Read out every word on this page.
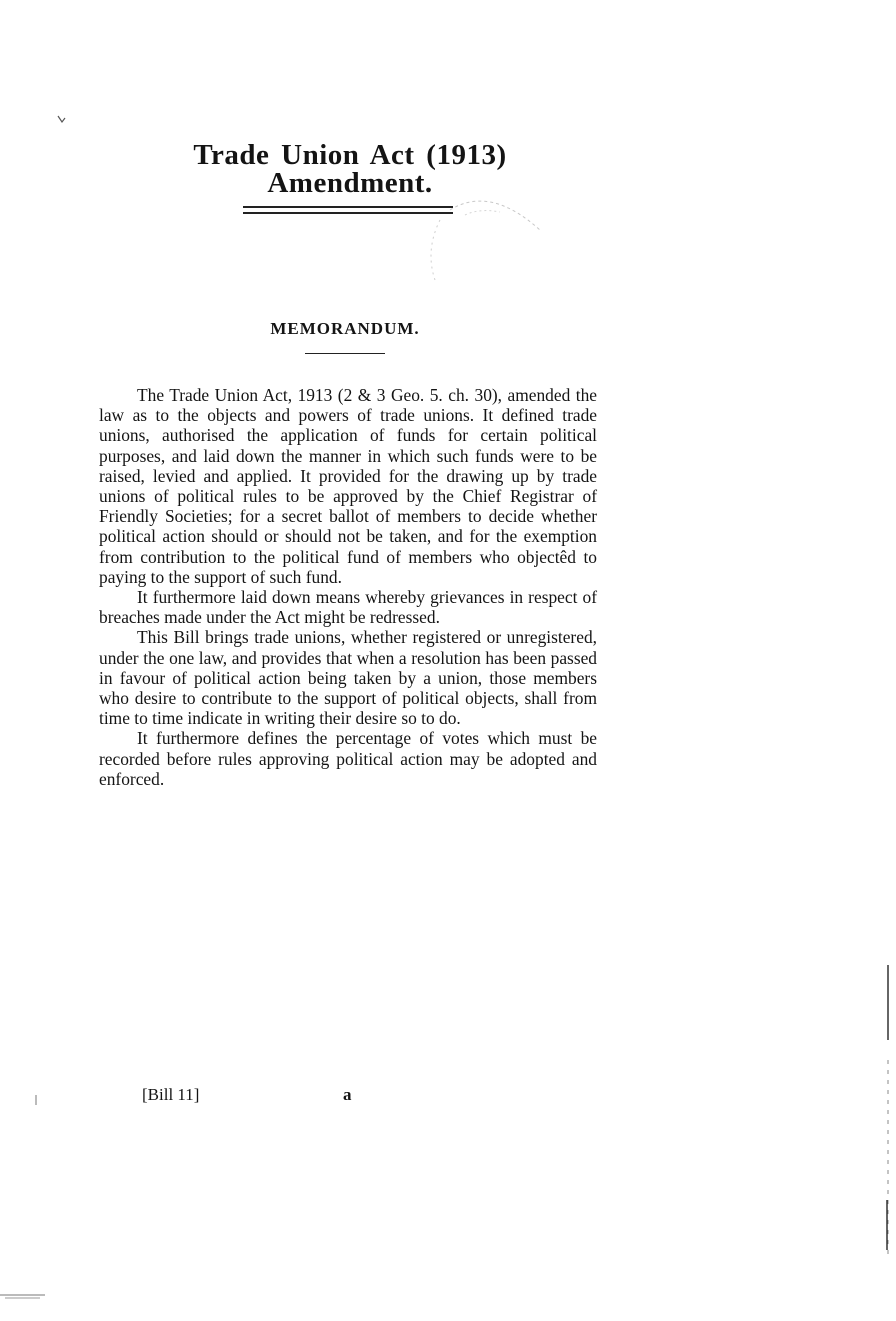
Trade Union Act (1913)
Amendment.
MEMORANDUM.

The Trade Union Act, 1913 (2 & 3 Geo. 5. ch. 30), amended the law as to the objects and powers of trade unions. It defined trade unions, authorised the application of funds for certain political purposes, and laid down the manner in which such funds were to be raised, levied and applied. It provided for the drawing up by trade unions of political rules to be approved by the Chief Registrar of Friendly Societies; for a secret ballot of members to decide whether political action should or should not be taken, and for the exemption from contribution to the political fund of members who objectêd to paying to the support of such fund.

It furthermore laid down means whereby grievances in respect of breaches made under the Act might be redressed.

This Bill brings trade unions, whether registered or unregistered, under the one law, and provides that when a resolution has been passed in favour of political action being taken by a union, those members who desire to contribute to the support of political objects, shall from time to time indicate in writing their desire so to do.

It furthermore defines the percentage of votes which must be recorded before rules approving political action may be adopted and enforced.

[Bill 11]	a
